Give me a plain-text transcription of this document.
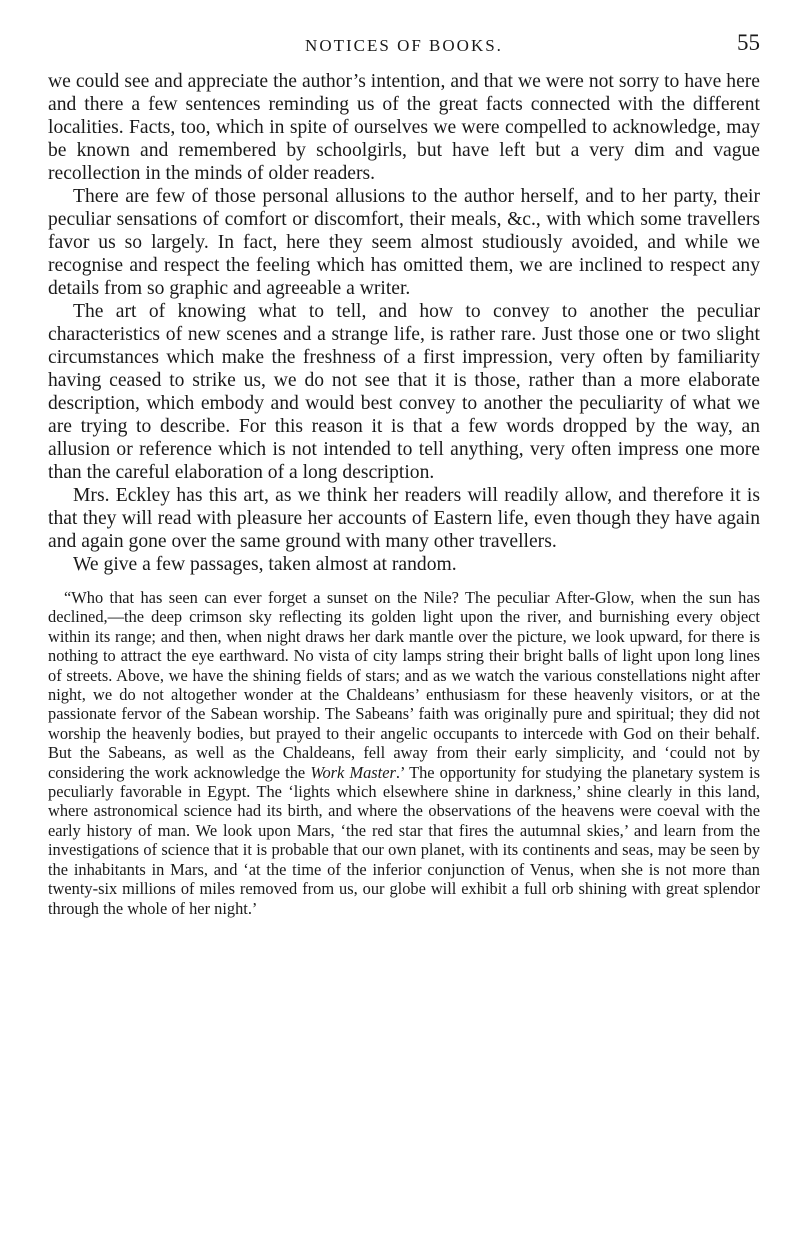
NOTICES OF BOOKS.	55

we could see and appreciate the author’s intention, and that we were not sorry to have here and there a few sentences reminding us of the great facts connected with the different localities. Facts, too, which in spite of ourselves we were compelled to acknowledge, may be known and remembered by schoolgirls, but have left but a very dim and vague recollection in the minds of older readers.

There are few of those personal allusions to the author herself, and to her party, their peculiar sensations of comfort or discomfort, their meals, &c., with which some travellers favor us so largely. In fact, here they seem almost studiously avoided, and while we recognise and respect the feeling which has omitted them, we are inclined to respect any details from so graphic and agreeable a writer.

The art of knowing what to tell, and how to convey to another the peculiar characteristics of new scenes and a strange life, is rather rare. Just those one or two slight circumstances which make the freshness of a first impression, very often by familiarity having ceased to strike us, we do not see that it is those, rather than a more elaborate description, which embody and would best convey to another the peculiarity of what we are trying to describe. For this reason it is that a few words dropped by the way, an allusion or reference which is not intended to tell anything, very often impress one more than the careful elaboration of a long description.

Mrs. Eckley has this art, as we think her readers will readily allow, and therefore it is that they will read with pleasure her accounts of Eastern life, even though they have again and again gone over the same ground with many other travellers.

We give a few passages, taken almost at random.

“Who that has seen can ever forget a sunset on the Nile? The peculiar After-Glow, when the sun has declined,—the deep crimson sky reflecting its golden light upon the river, and burnishing every object within its range; and then, when night draws her dark mantle over the picture, we look upward, for there is nothing to attract the eye earthward. No vista of city lamps string their bright balls of light upon long lines of streets. Above, we have the shining fields of stars; and as we watch the various constellations night after night, we do not altogether wonder at the Chaldeans’ enthusiasm for these heavenly visitors, or at the passionate fervor of the Sabean worship. The Sabeans’ faith was originally pure and spiritual; they did not worship the heavenly bodies, but prayed to their angelic occupants to intercede with God on their behalf. But the Sabeans, as well as the Chaldeans, fell away from their early simplicity, and ‘could not by considering the work acknowledge the Work Master.’ The opportunity for studying the planetary system is peculiarly favorable in Egypt. The ‘lights which elsewhere shine in darkness,’ shine clearly in this land, where astronomical science had its birth, and where the observations of the heavens were coeval with the early history of man. We look upon Mars, ‘the red star that fires the autumnal skies,’ and learn from the investigations of science that it is probable that our own planet, with its continents and seas, may be seen by the inhabitants in Mars, and ‘at the time of the inferior conjunction of Venus, when she is not more than twenty-six millions of miles removed from us, our globe will exhibit a full orb shining with great splendor through the whole of her night.’
